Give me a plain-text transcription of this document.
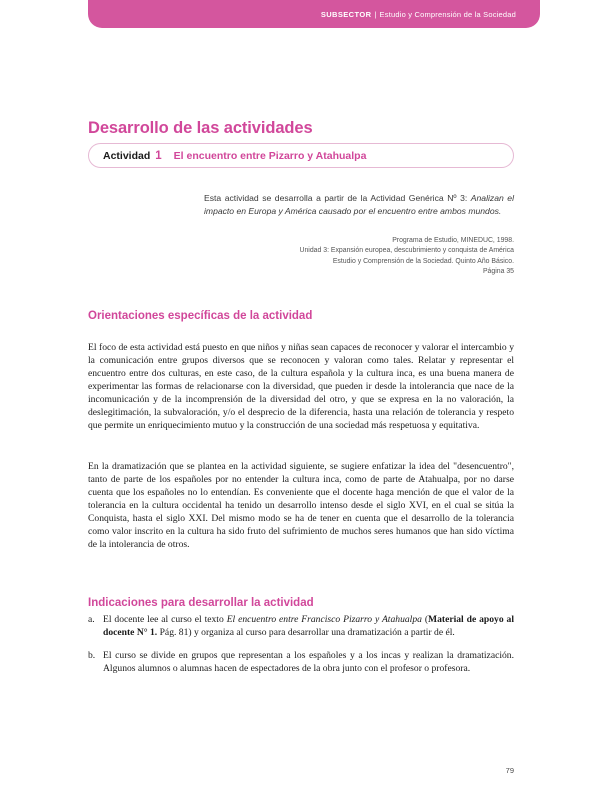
SUBSECTOR | Estudio y Comprensión de la Sociedad
Desarrollo de las actividades
Actividad 1 El encuentro entre Pizarro y Atahualpa

Esta actividad se desarrolla a partir de la Actividad Genérica Nº 3: Analizan el impacto en Europa y América causado por el encuentro entre ambos mundos.

Programa de Estudio, MINEDUC, 1998.
Unidad 3: Expansión europea, descubrimiento y conquista de América
Estudio y Comprensión de la Sociedad. Quinto Año Básico.
Página 35
Orientaciones específicas de la actividad

El foco de esta actividad está puesto en que niños y niñas sean capaces de reconocer y valorar el intercambio y la comunicación entre grupos diversos que se reconocen y valoran como tales. Relatar y representar el encuentro entre dos culturas, en este caso, de la cultura española y la cultura inca, es una buena manera de experimentar las formas de relacionarse con la diversidad, que pueden ir desde la intolerancia que nace de la incomunicación y de la incomprensión de la diversidad del otro, y que se expresa en la no valoración, la deslegitimación, la subvaloración, y/o el desprecio de la diferencia, hasta una relación de tolerancia y respeto que permite un enriquecimiento mutuo y la construcción de una sociedad más respetuosa y equitativa.

En la dramatización que se plantea en la actividad siguiente, se sugiere enfatizar la idea del "desencuentro", tanto de parte de los españoles por no entender la cultura inca, como de parte de Atahualpa, por no darse cuenta que los españoles no lo entendían. Es conveniente que el docente haga mención de que el valor de la tolerancia en la cultura occidental ha tenido un desarrollo intenso desde el siglo XVI, en el cual se sitúa la Conquista, hasta el siglo XXI. Del mismo modo se ha de tener en cuenta que el desarrollo de la tolerancia como valor inscrito en la cultura ha sido fruto del sufrimiento de muchos seres humanos que han sido víctima de la intolerancia de otros.

Indicaciones para desarrollar la actividad
a. El docente lee al curso el texto El encuentro entre Francisco Pizarro y Atahualpa (Material de apoyo al docente N° 1. Pág. 81) y organiza al curso para desarrollar una dramatización a partir de él.
b. El curso se divide en grupos que representan a los españoles y a los incas y realizan la dramatización. Algunos alumnos o alumnas hacen de espectadores de la obra junto con el profesor o profesora.
79
